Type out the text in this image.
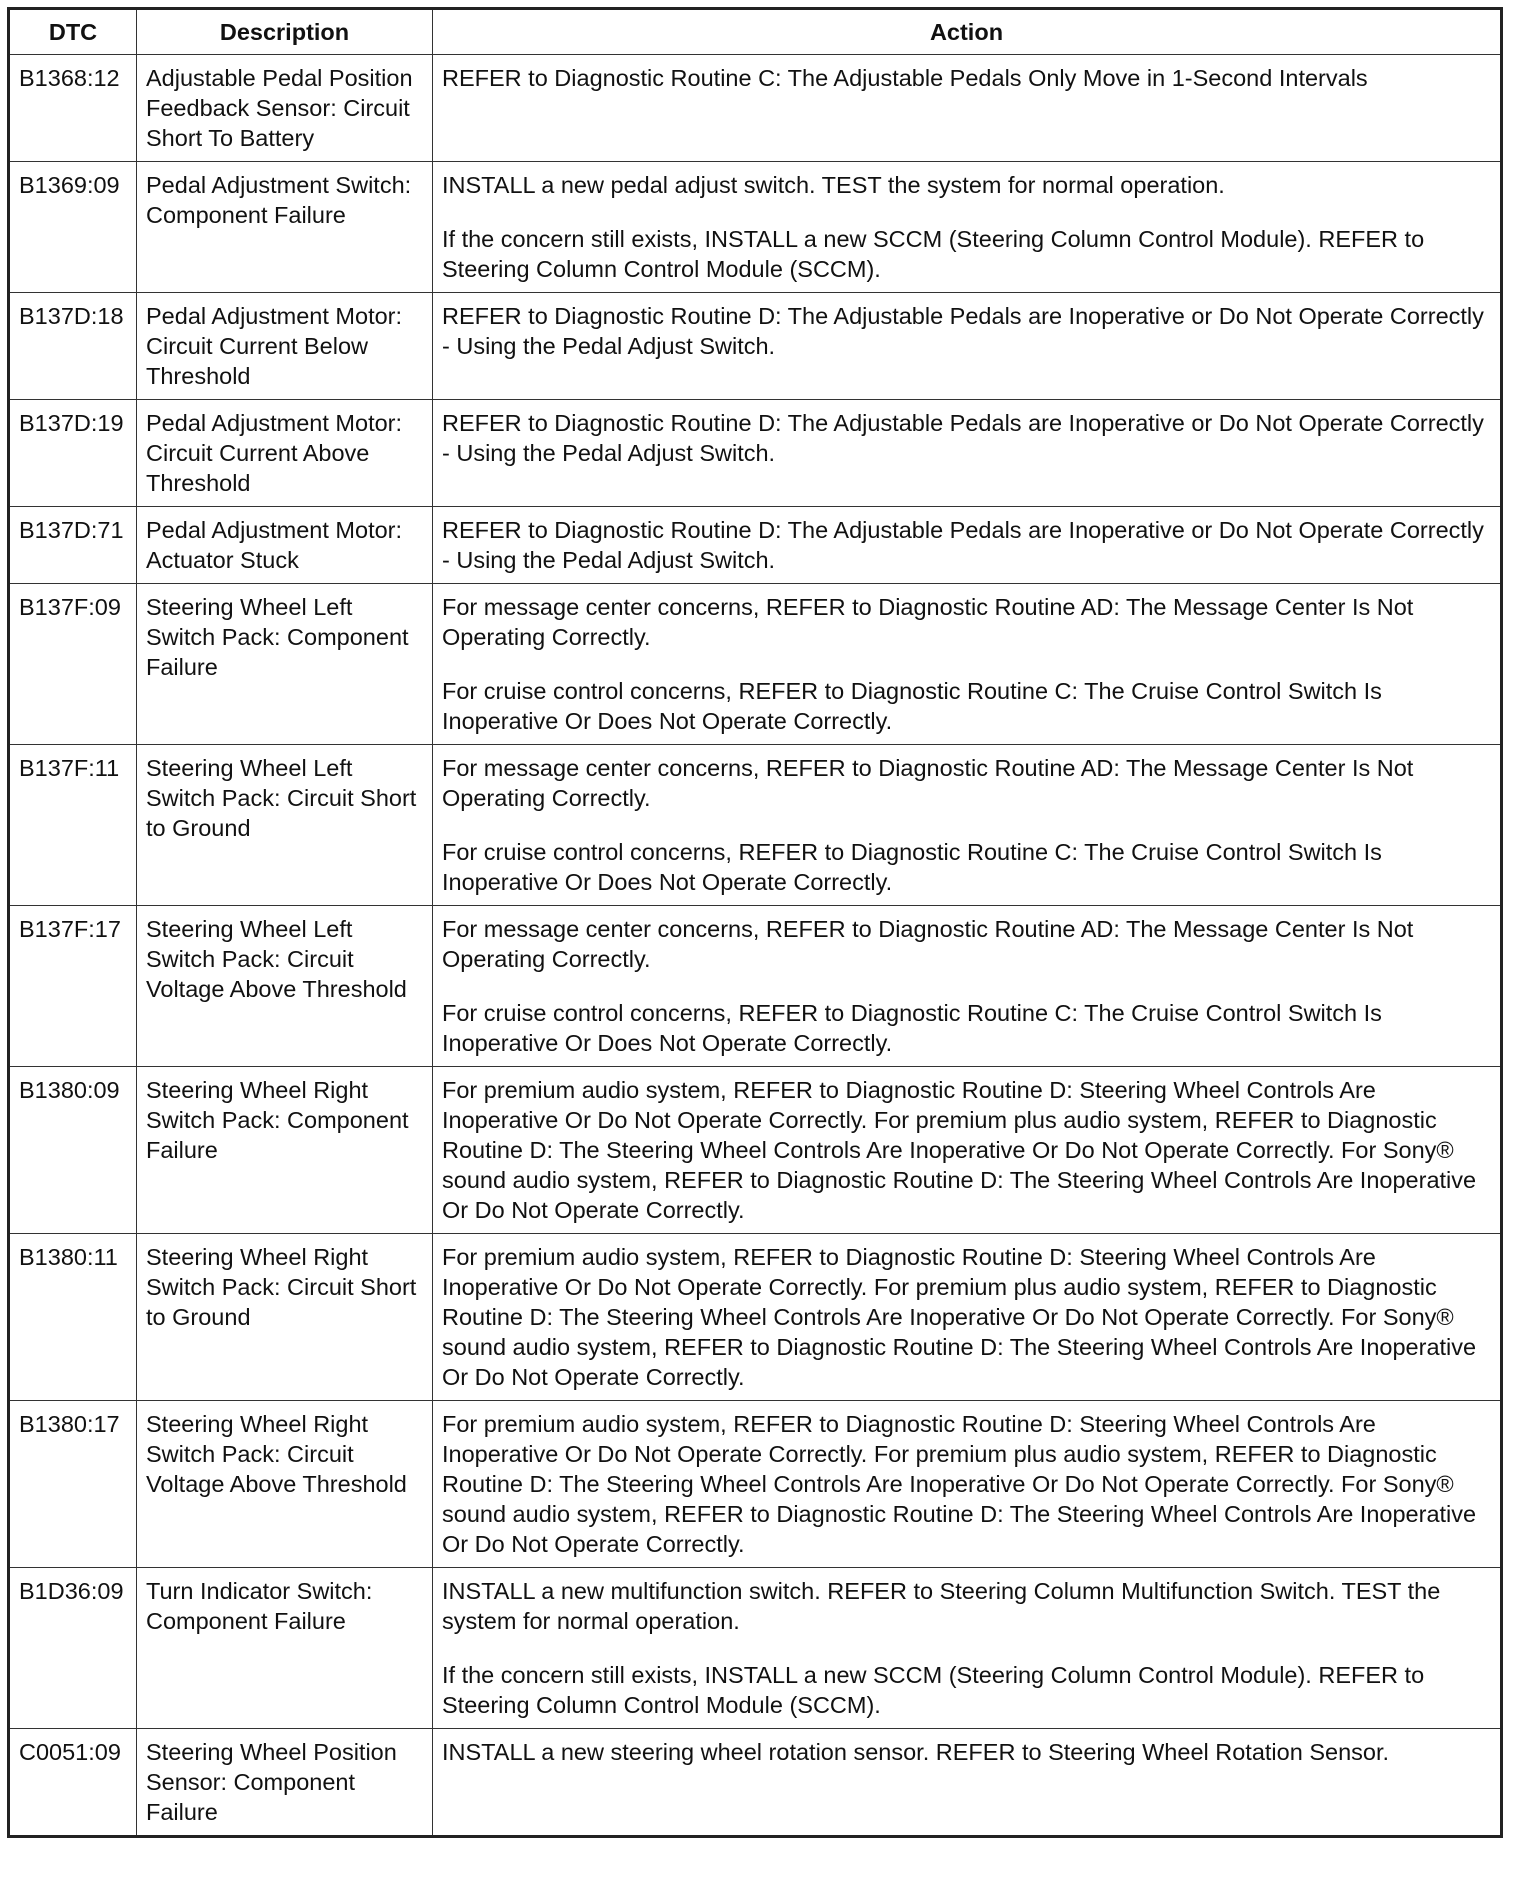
DTC	Description	Action
B1368:12	Adjustable Pedal Position Feedback Sensor: Circuit Short To Battery	REFER to Diagnostic Routine C: The Adjustable Pedals Only Move in 1-Second Intervals

B1369:09	Pedal Adjustment Switch: Component Failure	INSTALL a new pedal adjust switch. TEST the system for normal operation.

If the concern still exists, INSTALL a new SCCM (Steering Column Control Module). REFER to Steering Column Control Module (SCCM).

B137D:18	Pedal Adjustment Motor: Circuit Current Below Threshold	REFER to Diagnostic Routine D: The Adjustable Pedals are Inoperative or Do Not Operate Correctly - Using the Pedal Adjust Switch.

B137D:19	Pedal Adjustment Motor: Circuit Current Above Threshold	REFER to Diagnostic Routine D: The Adjustable Pedals are Inoperative or Do Not Operate Correctly - Using the Pedal Adjust Switch.

B137D:71	Pedal Adjustment Motor: Actuator Stuck	REFER to Diagnostic Routine D: The Adjustable Pedals are Inoperative or Do Not Operate Correctly - Using the Pedal Adjust Switch.

B137F:09	Steering Wheel Left Switch Pack: Component Failure	For message center concerns, REFER to Diagnostic Routine AD: The Message Center Is Not Operating Correctly.

For cruise control concerns, REFER to Diagnostic Routine C: The Cruise Control Switch Is Inoperative Or Does Not Operate Correctly.

B137F:11	Steering Wheel Left Switch Pack: Circuit Short to Ground	For message center concerns, REFER to Diagnostic Routine AD: The Message Center Is Not Operating Correctly.

For cruise control concerns, REFER to Diagnostic Routine C: The Cruise Control Switch Is Inoperative Or Does Not Operate Correctly.

B137F:17	Steering Wheel Left Switch Pack: Circuit Voltage Above Threshold	For message center concerns, REFER to Diagnostic Routine AD: The Message Center Is Not Operating Correctly.

For cruise control concerns, REFER to Diagnostic Routine C: The Cruise Control Switch Is Inoperative Or Does Not Operate Correctly.

B1380:09	Steering Wheel Right Switch Pack: Component Failure	For premium audio system, REFER to Diagnostic Routine D: Steering Wheel Controls Are Inoperative Or Do Not Operate Correctly. For premium plus audio system, REFER to Diagnostic Routine D: The Steering Wheel Controls Are Inoperative Or Do Not Operate Correctly. For Sony® sound audio system, REFER to Diagnostic Routine D: The Steering Wheel Controls Are Inoperative Or Do Not Operate Correctly.

B1380:11	Steering Wheel Right Switch Pack: Circuit Short to Ground	For premium audio system, REFER to Diagnostic Routine D: Steering Wheel Controls Are Inoperative Or Do Not Operate Correctly. For premium plus audio system, REFER to Diagnostic Routine D: The Steering Wheel Controls Are Inoperative Or Do Not Operate Correctly. For Sony® sound audio system, REFER to Diagnostic Routine D: The Steering Wheel Controls Are Inoperative Or Do Not Operate Correctly.

B1380:17	Steering Wheel Right Switch Pack: Circuit Voltage Above Threshold	For premium audio system, REFER to Diagnostic Routine D: Steering Wheel Controls Are Inoperative Or Do Not Operate Correctly. For premium plus audio system, REFER to Diagnostic Routine D: The Steering Wheel Controls Are Inoperative Or Do Not Operate Correctly. For Sony® sound audio system, REFER to Diagnostic Routine D: The Steering Wheel Controls Are Inoperative Or Do Not Operate Correctly.

B1D36:09	Turn Indicator Switch: Component Failure	INSTALL a new multifunction switch. REFER to Steering Column Multifunction Switch. TEST the system for normal operation.

If the concern still exists, INSTALL a new SCCM (Steering Column Control Module). REFER to Steering Column Control Module (SCCM).

C0051:09	Steering Wheel Position Sensor: Component Failure	INSTALL a new steering wheel rotation sensor. REFER to Steering Wheel Rotation Sensor.
